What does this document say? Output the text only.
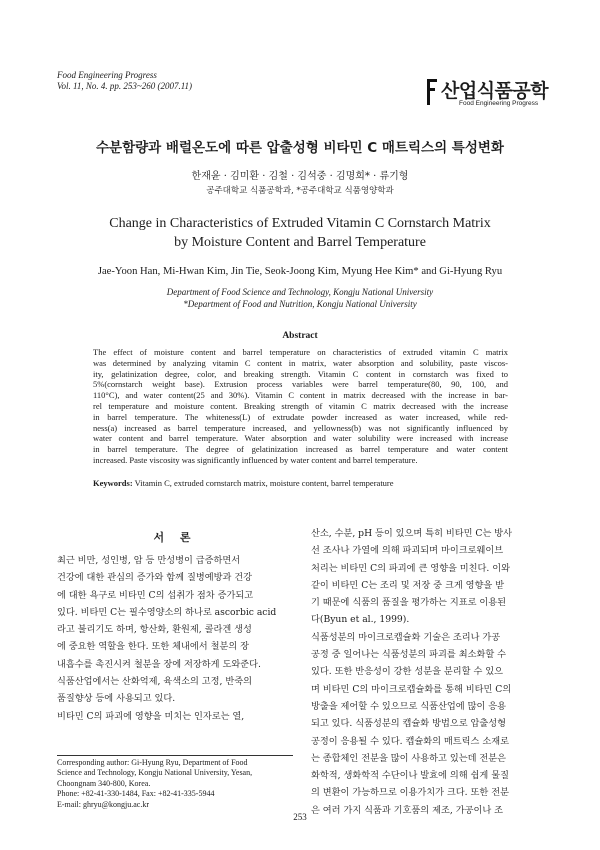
Food Engineering Progress
Vol. 11, No. 4. pp. 253~260 (2007.11)	산업식품공학
Food Engineering Progress
수분함량과 배럴온도에 따른 압출성형 비타민 C 매트릭스의 특성변화
한재윤 · 김미환 · 김철 · 김석중 · 김명희* · 류기형
공주대학교 식품공학과, *공주대학교 식품영양학과
Change in Characteristics of Extruded Vitamin C Cornstarch Matrix
by Moisture Content and Barrel Temperature
Jae-Yoon Han, Mi-Hwan Kim, Jin Tie, Seok-Joong Kim, Myung Hee Kim* and Gi-Hyung Ryu
Department of Food Science and Technology, Kongju National University
*Department of Food and Nutrition, Kongju National University
Abstract
The effect of moisture content and barrel temperature on characteristics of extruded vitamin C matrix
was determined by analyzing vitamin C content in matrix, water absorption and solubility, paste viscos-
ity, gelatinization degree, color, and breaking strength. Vitamin C content in cornstarch was fixed to
5%(cornstarch weight base). Extrusion process variables were barrel temperature(80, 90, 100, and
110°C), and water content(25 and 30%). Vitamin C content in matrix decreased with the increase in bar-
rel temperature and moisture content. Breaking strength of vitamin C matrix decreased with the increase
in barrel temperature. The whiteness(L) of extrudate powder increased as water increased, while red-
ness(a) increased as barrel temperature increased, and yellowness(b) was not significantly influenced by
water content and barrel temperature. Water absorption and water solubility were increased with increase
in barrel temperature. The degree of gelatinization increased as barrel temperature and water content
increased. Paste viscosity was significantly influenced by water content and barrel temperature.
Keywords: Vitamin C, extruded cornstarch matrix, moisture content, barrel temperature
서 론
최근 비만, 성인병, 암 등 만성병이 급증하면서
건강에 대한 관심의 증가와 함께 질병예방과 건강
에 대한 욕구로 비타민 C의 섭취가 점차 증가되고
있다. 비타민 C는 필수영양소의 하나로 ascorbic acid
라고 불리기도 하며, 항산화, 환원제, 콜라겐 생성
에 중요한 역할을 한다. 또한 체내에서 철분의 장
내흡수를 촉진시켜 철분을 장에 저장하게 도와준다.
식품산업에서는 산화억제, 육색소의 고정, 반죽의
품질향상 등에 사용되고 있다.
비타민 C의 파괴에 영향을 미치는 인자로는 열,
산소, 수분, pH 등이 있으며 특히 비타민 C는 방사
선 조사나 가열에 의해 파괴되며 마이크로웨이브
처리는 비타민 C의 파괴에 큰 영향을 미친다. 이와
같이 비타민 C는 조리 및 저장 중 크게 영향을 받
기 때문에 식품의 품질을 평가하는 지표로 이용된
다(Byun et al., 1999).
식품성분의 마이크로캡슐화 기술은 조리나 가공
공정 중 일어나는 식품성분의 파괴를 최소화할 수
있다. 또한 반응성이 강한 성분을 분리할 수 있으
며 비타민 C의 마이크로캡슐화를 통해 비타민 C의
방출을 제어할 수 있으므로 식품산업에 많이 응용
되고 있다. 식품성분의 캡슐화 방법으로 압출성형
공정이 응용될 수 있다. 캡슐화의 매트릭스 소재로
는 종합체인 전분을 많이 사용하고 있는데 전분은
화학적, 생화학적 수단이나 발효에 의해 쉽게 물질
의 변환이 가능하므로 이용가치가 크다. 또한 전분
은 여러 가지 식품과 기호품의 제조, 가공이나 조
Corresponding author: Gi-Hyung Ryu, Department of Food
Science and Technology, Kongju National University, Yesan,
Choongnam 340-800, Korea.
Phone: +82-41-330-1484, Fax: +82-41-335-5944
E-mail: ghryu@kongju.ac.kr
253
